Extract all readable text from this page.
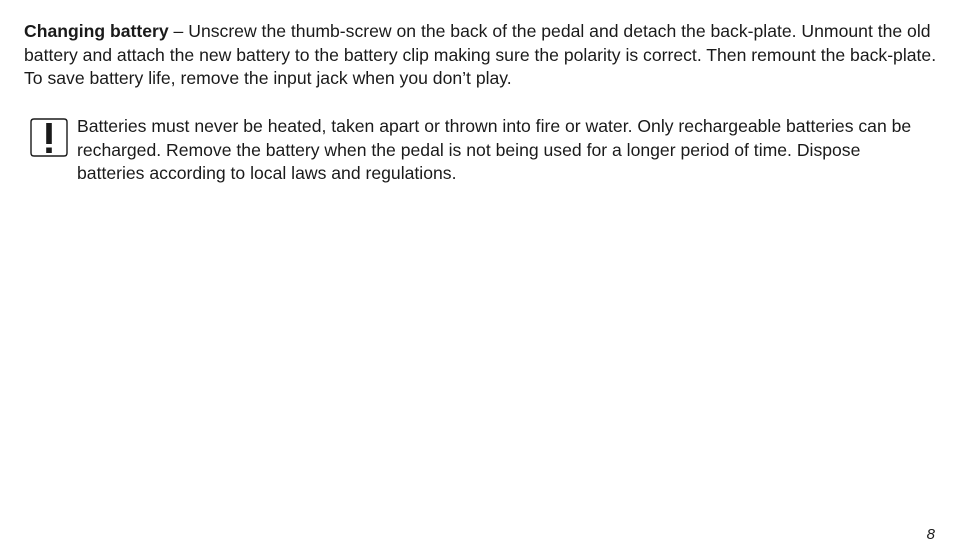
Changing battery – Unscrew the thumb-screw on the back of the pedal and detach the back-plate. Unmount the old battery and attach the new battery to the battery clip making sure the polarity is correct. Then remount the back-plate. To save battery life, remove the input jack when you don’t play.

Batteries must never be heated, taken apart or thrown into fire or water. Only rechargeable batteries can be recharged. Remove the battery when the pedal is not being used for a longer period of time. Dispose batteries according to local laws and regulations.

8
